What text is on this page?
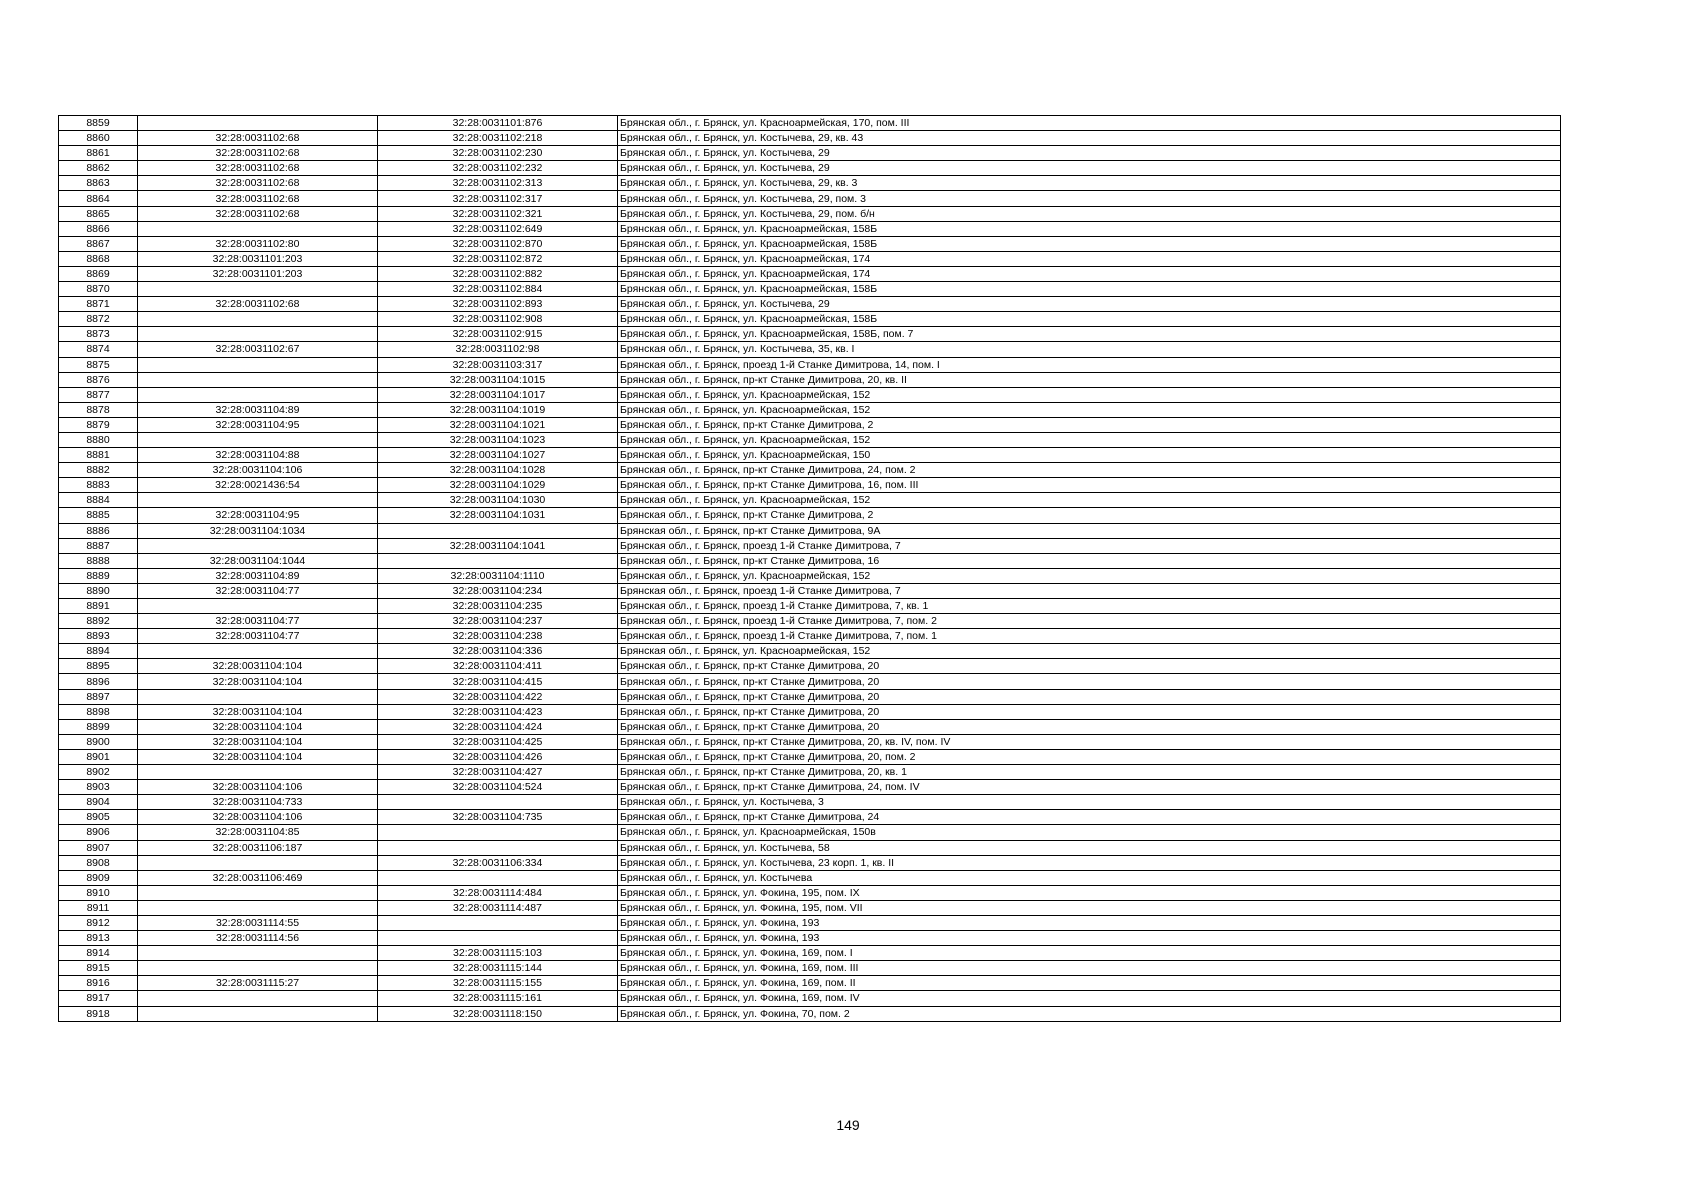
8859		32:28:0031101:876	Брянская обл., г. Брянск, ул. Красноармейская, 170, пом. III
8860	32:28:0031102:68	32:28:0031102:218	Брянская обл., г. Брянск, ул. Костычева, 29, кв. 43
8861	32:28:0031102:68	32:28:0031102:230	Брянская обл., г. Брянск, ул. Костычева, 29
8862	32:28:0031102:68	32:28:0031102:232	Брянская обл., г. Брянск, ул. Костычева, 29
8863	32:28:0031102:68	32:28:0031102:313	Брянская обл., г. Брянск, ул. Костычева, 29, кв. 3
8864	32:28:0031102:68	32:28:0031102:317	Брянская обл., г. Брянск, ул. Костычева, 29, пом. 3
8865	32:28:0031102:68	32:28:0031102:321	Брянская обл., г. Брянск, ул. Костычева, 29, пом. б/н
8866		32:28:0031102:649	Брянская обл., г. Брянск, ул. Красноармейская, 158Б
8867	32:28:0031102:80	32:28:0031102:870	Брянская обл., г. Брянск, ул. Красноармейская, 158Б
8868	32:28:0031101:203	32:28:0031102:872	Брянская обл., г. Брянск, ул. Красноармейская, 174
8869	32:28:0031101:203	32:28:0031102:882	Брянская обл., г. Брянск, ул. Красноармейская, 174
8870		32:28:0031102:884	Брянская обл., г. Брянск, ул. Красноармейская, 158Б
8871	32:28:0031102:68	32:28:0031102:893	Брянская обл., г. Брянск, ул. Костычева, 29
8872		32:28:0031102:908	Брянская обл., г. Брянск, ул. Красноармейская, 158Б
8873		32:28:0031102:915	Брянская обл., г. Брянск, ул. Красноармейская, 158Б, пом. 7
8874	32:28:0031102:67	32:28:0031102:98	Брянская обл., г. Брянск, ул. Костычева, 35, кв. I
8875		32:28:0031103:317	Брянская обл., г. Брянск, проезд 1-й Станке Димитрова, 14, пом. I
8876		32:28:0031104:1015	Брянская обл., г. Брянск, пр-кт Станке Димитрова, 20, кв. II
8877		32:28:0031104:1017	Брянская обл., г. Брянск, ул. Красноармейская, 152
8878	32:28:0031104:89	32:28:0031104:1019	Брянская обл., г. Брянск, ул. Красноармейская, 152
8879	32:28:0031104:95	32:28:0031104:1021	Брянская обл., г. Брянск, пр-кт Станке Димитрова, 2
8880		32:28:0031104:1023	Брянская обл., г. Брянск, ул. Красноармейская, 152
8881	32:28:0031104:88	32:28:0031104:1027	Брянская обл., г. Брянск, ул. Красноармейская, 150
8882	32:28:0031104:106	32:28:0031104:1028	Брянская обл., г. Брянск, пр-кт Станке Димитрова, 24, пом. 2
8883	32:28:0021436:54	32:28:0031104:1029	Брянская обл., г. Брянск, пр-кт Станке Димитрова, 16, пом. III
8884		32:28:0031104:1030	Брянская обл., г. Брянск, ул. Красноармейская, 152
8885	32:28:0031104:95	32:28:0031104:1031	Брянская обл., г. Брянск, пр-кт Станке Димитрова, 2
8886	32:28:0031104:1034		Брянская обл., г. Брянск, пр-кт Станке Димитрова, 9А
8887		32:28:0031104:1041	Брянская обл., г. Брянск, проезд 1-й Станке Димитрова, 7
8888	32:28:0031104:1044		Брянская обл., г. Брянск, пр-кт Станке Димитрова, 16
8889	32:28:0031104:89	32:28:0031104:1110	Брянская обл., г. Брянск, ул. Красноармейская, 152
8890	32:28:0031104:77	32:28:0031104:234	Брянская обл., г. Брянск, проезд 1-й Станке Димитрова, 7
8891		32:28:0031104:235	Брянская обл., г. Брянск, проезд 1-й Станке Димитрова, 7, кв. 1
8892	32:28:0031104:77	32:28:0031104:237	Брянская обл., г. Брянск, проезд 1-й Станке Димитрова, 7, пом. 2
8893	32:28:0031104:77	32:28:0031104:238	Брянская обл., г. Брянск, проезд 1-й Станке Димитрова, 7, пом. 1
8894		32:28:0031104:336	Брянская обл., г. Брянск, ул. Красноармейская, 152
8895	32:28:0031104:104	32:28:0031104:411	Брянская обл., г. Брянск, пр-кт Станке Димитрова, 20
8896	32:28:0031104:104	32:28:0031104:415	Брянская обл., г. Брянск, пр-кт Станке Димитрова, 20
8897		32:28:0031104:422	Брянская обл., г. Брянск, пр-кт Станке Димитрова, 20
8898	32:28:0031104:104	32:28:0031104:423	Брянская обл., г. Брянск, пр-кт Станке Димитрова, 20
8899	32:28:0031104:104	32:28:0031104:424	Брянская обл., г. Брянск, пр-кт Станке Димитрова, 20
8900	32:28:0031104:104	32:28:0031104:425	Брянская обл., г. Брянск, пр-кт Станке Димитрова, 20, кв. IV, пом. IV
8901	32:28:0031104:104	32:28:0031104:426	Брянская обл., г. Брянск, пр-кт Станке Димитрова, 20, пом. 2
8902		32:28:0031104:427	Брянская обл., г. Брянск, пр-кт Станке Димитрова, 20, кв. 1
8903	32:28:0031104:106	32:28:0031104:524	Брянская обл., г. Брянск, пр-кт Станке Димитрова, 24, пом. IV
8904	32:28:0031104:733		Брянская обл., г. Брянск, ул. Костычева, 3
8905	32:28:0031104:106	32:28:0031104:735	Брянская обл., г. Брянск, пр-кт Станке Димитрова, 24
8906	32:28:0031104:85		Брянская обл., г. Брянск, ул. Красноармейская, 150в
8907	32:28:0031106:187		Брянская обл., г. Брянск, ул. Костычева, 58
8908		32:28:0031106:334	Брянская обл., г. Брянск, ул. Костычева, 23 корп. 1, кв. II
8909	32:28:0031106:469		Брянская обл., г. Брянск, ул. Костычева
8910		32:28:0031114:484	Брянская обл., г. Брянск, ул. Фокина, 195, пом. IX
8911		32:28:0031114:487	Брянская обл., г. Брянск, ул. Фокина, 195, пом. VII
8912	32:28:0031114:55		Брянская обл., г. Брянск, ул. Фокина, 193
8913	32:28:0031114:56		Брянская обл., г. Брянск, ул. Фокина, 193
8914		32:28:0031115:103	Брянская обл., г. Брянск, ул. Фокина, 169, пом. I
8915		32:28:0031115:144	Брянская обл., г. Брянск, ул. Фокина, 169, пом. III
8916	32:28:0031115:27	32:28:0031115:155	Брянская обл., г. Брянск, ул. Фокина, 169, пом. II
8917		32:28:0031115:161	Брянская обл., г. Брянск, ул. Фокина, 169, пом. IV
8918		32:28:0031118:150	Брянская обл., г. Брянск, ул. Фокина, 70, пом. 2
149
